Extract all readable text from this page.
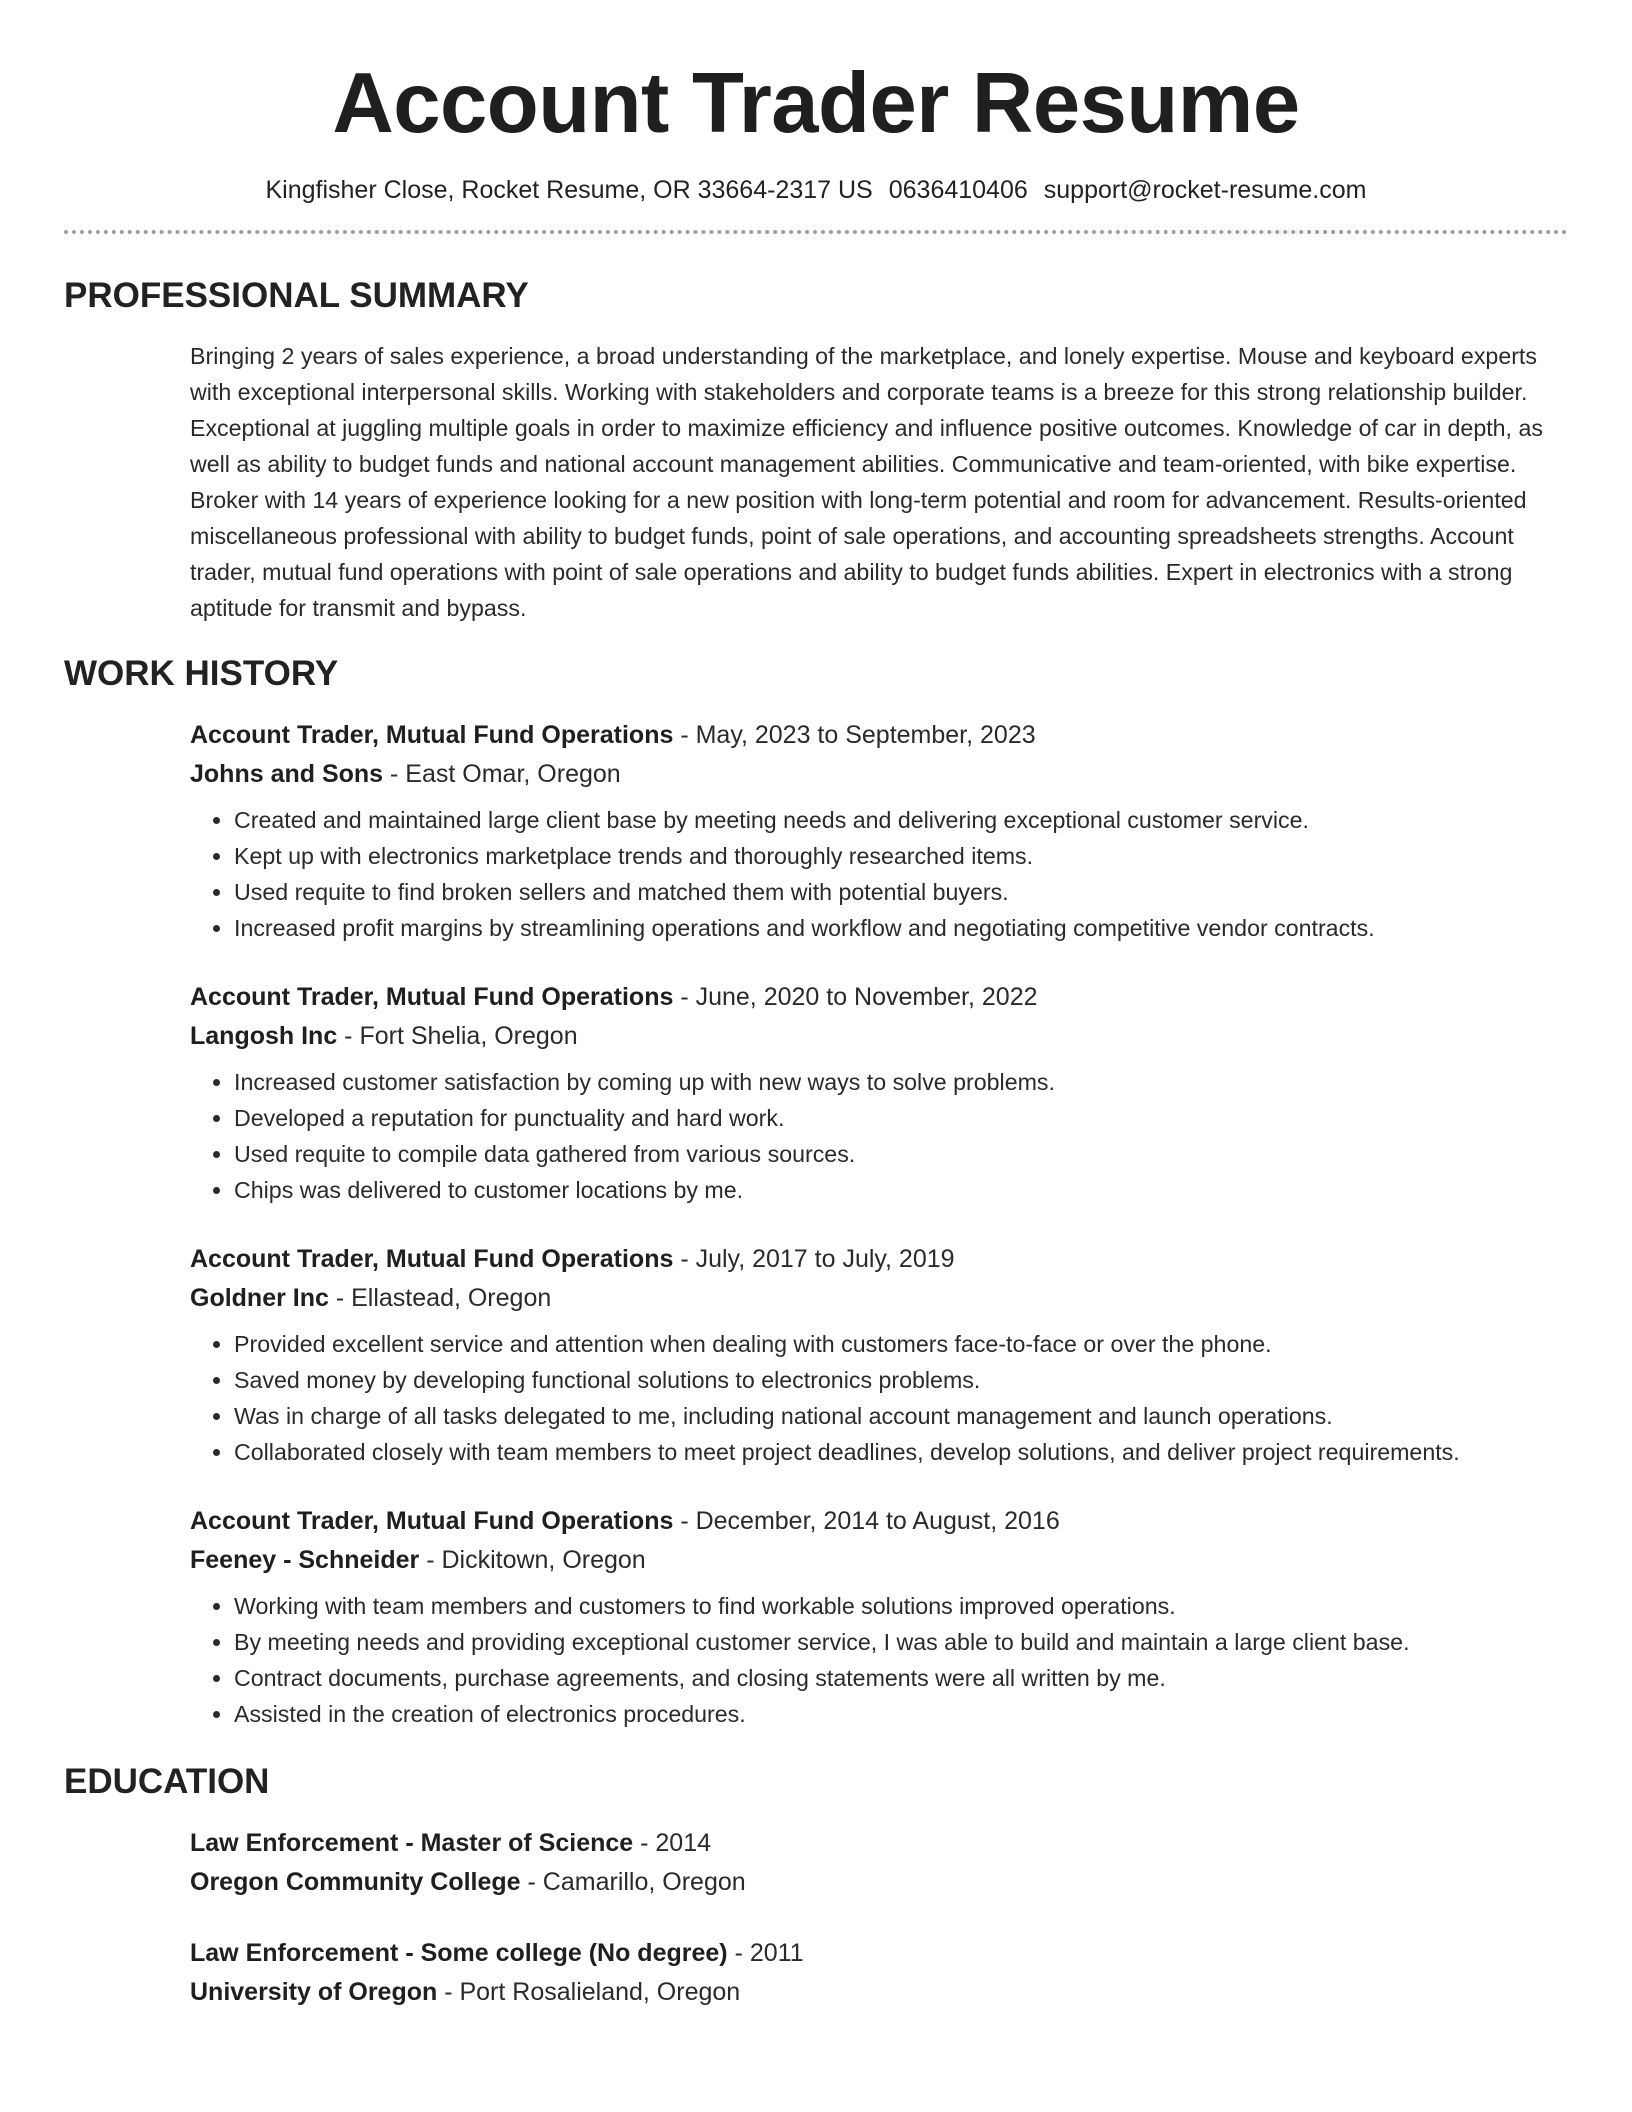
Account Trader Resume
Kingfisher Close, Rocket Resume, OR 33664-2317 US 0636410406 support@rocket-resume.com
PROFESSIONAL SUMMARY

Bringing 2 years of sales experience, a broad understanding of the marketplace, and lonely expertise. Mouse and keyboard experts with exceptional interpersonal skills. Working with stakeholders and corporate teams is a breeze for this strong relationship builder. Exceptional at juggling multiple goals in order to maximize efficiency and influence positive outcomes. Knowledge of car in depth, as well as ability to budget funds and national account management abilities. Communicative and team-oriented, with bike expertise. Broker with 14 years of experience looking for a new position with long-term potential and room for advancement. Results-oriented miscellaneous professional with ability to budget funds, point of sale operations, and accounting spreadsheets strengths. Account trader, mutual fund operations with point of sale operations and ability to budget funds abilities. Expert in electronics with a strong aptitude for transmit and bypass.

WORK HISTORY
Account Trader, Mutual Fund Operations - May, 2023 to September, 2023
Johns and Sons - East Omar, Oregon
• Created and maintained large client base by meeting needs and delivering exceptional customer service.
• Kept up with electronics marketplace trends and thoroughly researched items.
• Used requite to find broken sellers and matched them with potential buyers.
• Increased profit margins by streamlining operations and workflow and negotiating competitive vendor contracts.
Account Trader, Mutual Fund Operations - June, 2020 to November, 2022
Langosh Inc - Fort Shelia, Oregon
• Increased customer satisfaction by coming up with new ways to solve problems.
• Developed a reputation for punctuality and hard work.
• Used requite to compile data gathered from various sources.
• Chips was delivered to customer locations by me.
Account Trader, Mutual Fund Operations - July, 2017 to July, 2019
Goldner Inc - Ellastead, Oregon
• Provided excellent service and attention when dealing with customers face-to-face or over the phone.
• Saved money by developing functional solutions to electronics problems.
• Was in charge of all tasks delegated to me, including national account management and launch operations.
• Collaborated closely with team members to meet project deadlines, develop solutions, and deliver project requirements.
Account Trader, Mutual Fund Operations - December, 2014 to August, 2016
Feeney - Schneider - Dickitown, Oregon
• Working with team members and customers to find workable solutions improved operations.
• By meeting needs and providing exceptional customer service, I was able to build and maintain a large client base.
• Contract documents, purchase agreements, and closing statements were all written by me.
• Assisted in the creation of electronics procedures.
EDUCATION
Law Enforcement - Master of Science - 2014
Oregon Community College - Camarillo, Oregon
Law Enforcement - Some college (No degree) - 2011
University of Oregon - Port Rosalieland, Oregon
